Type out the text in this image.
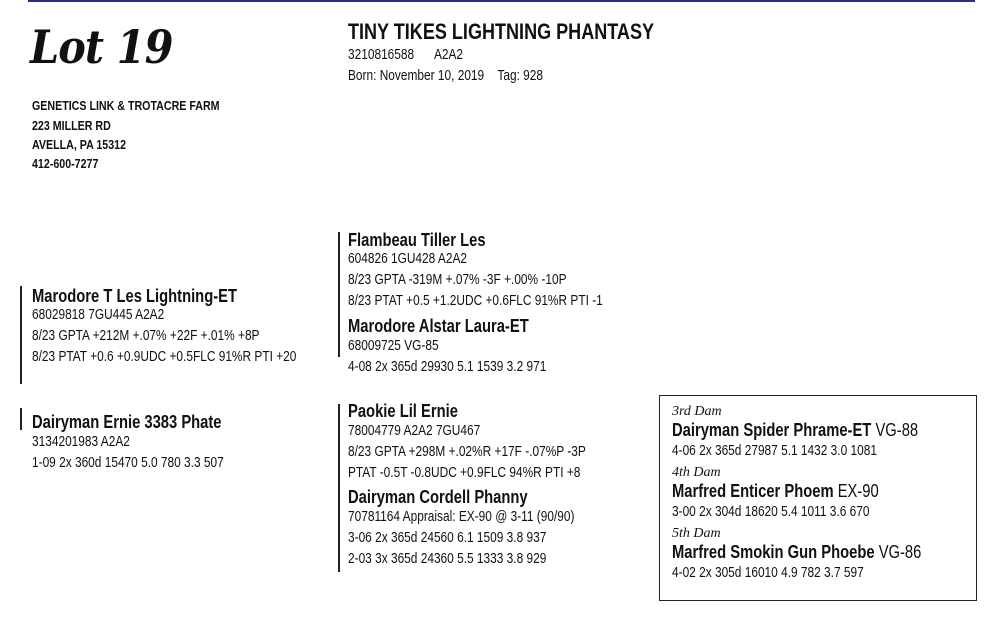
Lot 19	TINY TIKES LIGHTNING PHANTASY
3210816588 A2A2
Born: November 10, 2019 Tag: 928
GENETICS LINK & TROTACRE FARM
223 MILLER RD
AVELLA, PA 15312
412-600-7277
Marodore T Les Lightning-ET
68029818 7GU445 A2A2
8/23 GPTA +212M +.07% +22F +.01% +8P
8/23 PTAT +0.6 +0.9UDC +0.5FLC 91%R PTI +20
Flambeau Tiller Les
604826 1GU428 A2A2
8/23 GPTA -319M +.07% -3F +.00% -10P
8/23 PTAT +0.5 +1.2UDC +0.6FLC 91%R PTI -1
Marodore Alstar Laura-ET
68009725 VG-85
4-08 2x 365d 29930 5.1 1539 3.2 971
Dairyman Ernie 3383 Phate
3134201983 A2A2
1-09 2x 360d 15470 5.0 780 3.3 507
Paokie Lil Ernie
78004779 A2A2 7GU467
8/23 GPTA +298M +.02%R +17F -.07%P -3P
PTAT -0.5T -0.8UDC +0.9FLC 94%R PTI +8
Dairyman Cordell Phanny
70781164 Appraisal: EX-90 @ 3-11 (90/90)
3-06 2x 365d 24560 6.1 1509 3.8 937
2-03 3x 365d 24360 5.5 1333 3.8 929
3rd Dam
Dairyman Spider Phrame-ET VG-88
4-06 2x 365d 27987 5.1 1432 3.0 1081
4th Dam
Marfred Enticer Phoem EX-90
3-00 2x 304d 18620 5.4 1011 3.6 670
5th Dam
Marfred Smokin Gun Phoebe VG-86
4-02 2x 305d 16010 4.9 782 3.7 597
